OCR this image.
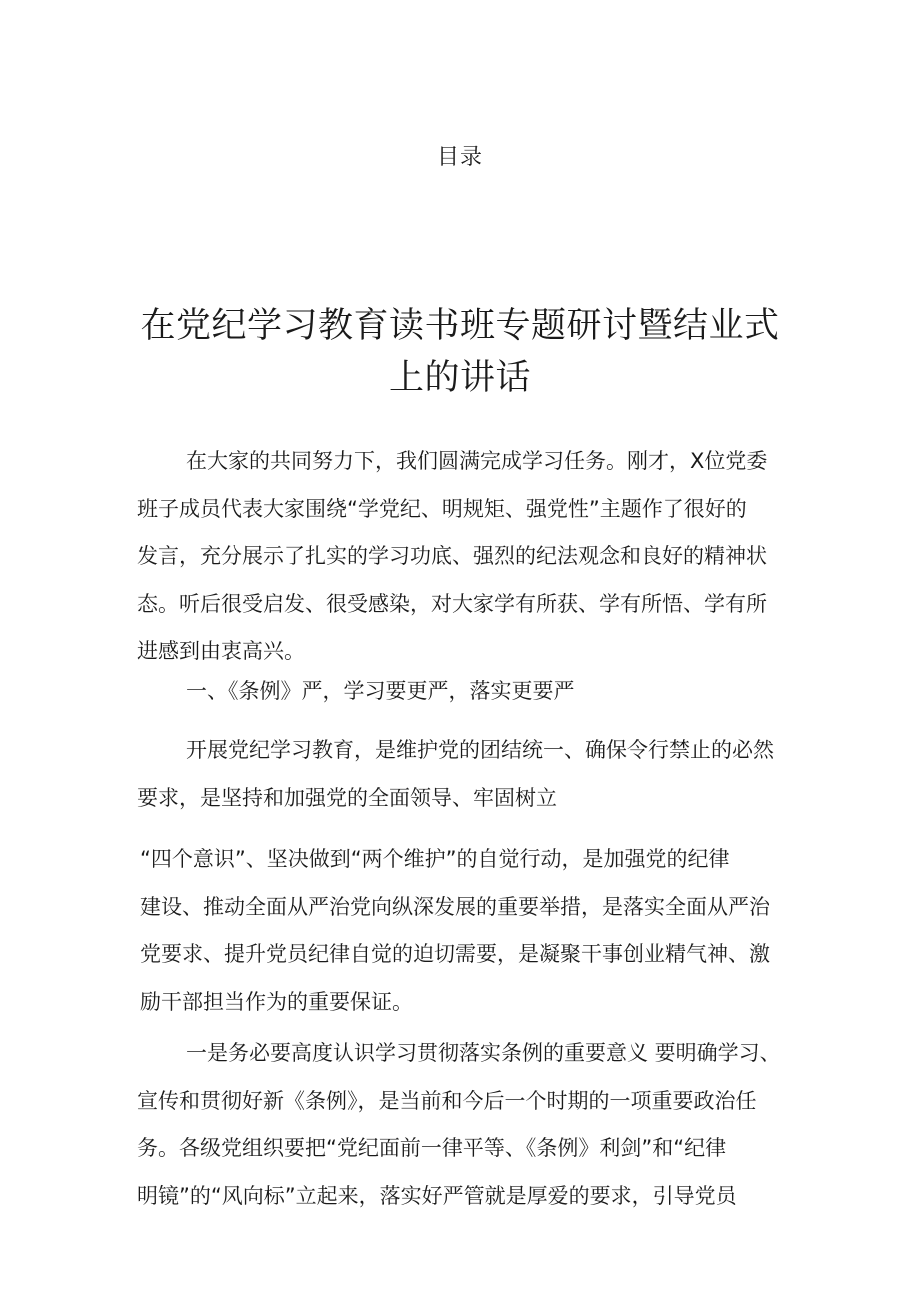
目录
在党纪学习教育读书班专题研讨暨结业式
上的讲话

在大家的共同努力下，我们圆满完成学习任务。刚才，X位党委
班子成员代表大家围绕“学党纪、明规矩、强党性”主题作了很好的
发言，充分展示了扎实的学习功底、强烈的纪法观念和良好的精神状
态。听后很受启发、很受感染，对大家学有所获、学有所悟、学有所
进感到由衷高兴。

一、《条例》严，学习要更严，落实更要严

开展党纪学习教育，是维护党的团结统一、确保令行禁止的必然
要求，是坚持和加强党的全面领导、牢固树立

“四个意识”、坚决做到“两个维护”的自觉行动，是加强党的纪律
建设、推动全面从严治党向纵深发展的重要举措，是落实全面从严治
党要求、提升党员纪律自觉的迫切需要，是凝聚干事创业精气神、激
励干部担当作为的重要保证。

一是务必要高度认识学习贯彻落实条例的重要意义 要明确学习、
宣传和贯彻好新《条例》，是当前和今后一个时期的一项重要政治任
务。各级党组织要把“党纪面前一律平等、《条例》利剑”和“纪律
明镜”的“风向标”立起来，落实好严管就是厚爱的要求，引导党员
